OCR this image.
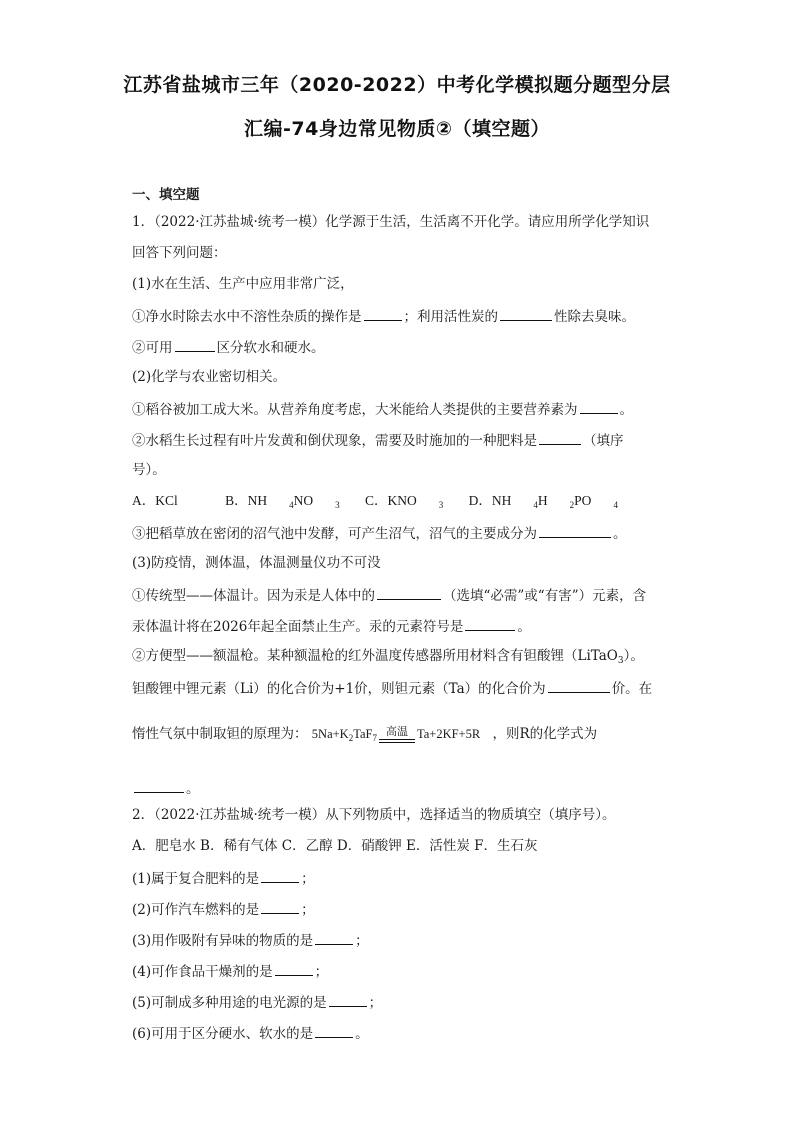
江苏省盐城市三年（2020-2022）中考化学模拟题分题型分层
汇编-74身边常见物质②（填空题）
一、填空题
1．（2022·江苏盐城·统考一模）化学源于生活，生活离不开化学。请应用所学化学知识
回答下列问题：
(1)水在生活、生产中应用非常广泛，
①净水时除去水中不溶性杂质的操作是	；利用活性炭的	性除去臭味。
②可用	区分软水和硬水。
(2)化学与农业密切相关。
①稻谷被加工成大米。从营养角度考虑，大米能给人类提供的主要营养素为	。
②水稻生长过程有叶片发黄和倒伏现象，需要及时施加的一种肥料是	（填序
号）。
A．KCl	B．NH $_4$NO $_3$ C．KNO $_3$ D．NH $_4$H $_2$PO $_4$
③把稻草放在密闭的沼气池中发酵，可产生沼气，沼气的主要成分为	。
(3)防疫情，测体温，体温测量仪功不可没
①传统型——体温计。因为汞是人体中的	（选填“必需”或“有害”）元素，含
汞体温计将在2026年起全面禁止生产。汞的元素符号是	。
②方便型——额温枪。某种额温枪的红外温度传感器所用材料含有钽酸锂（LiTaO$_3$）。
钽酸锂中锂元素（Li）的化合价为+1价，则钽元素（Ta）的化合价为	价。在
惰性气氛中制取钽的原理为： $5Na+K_2TaF_7$ 高温 Ta+2KF+5R ，则R的化学式为
。
2．（2022·江苏盐城·统考一模）从下列物质中，选择适当的物质填空（填序号）。
A．肥皂水 B．稀有气体 C．乙醇 D．硝酸钾 E．活性炭 F．生石灰
(1)属于复合肥料的是	；
(2)可作汽车燃料的是	；
(3)用作吸附有异味的物质的是	；
(4)可作食品干燥剂的是	；
(5)可制成多种用途的电光源的是	；
(6)可用于区分硬水、软水的是	。
